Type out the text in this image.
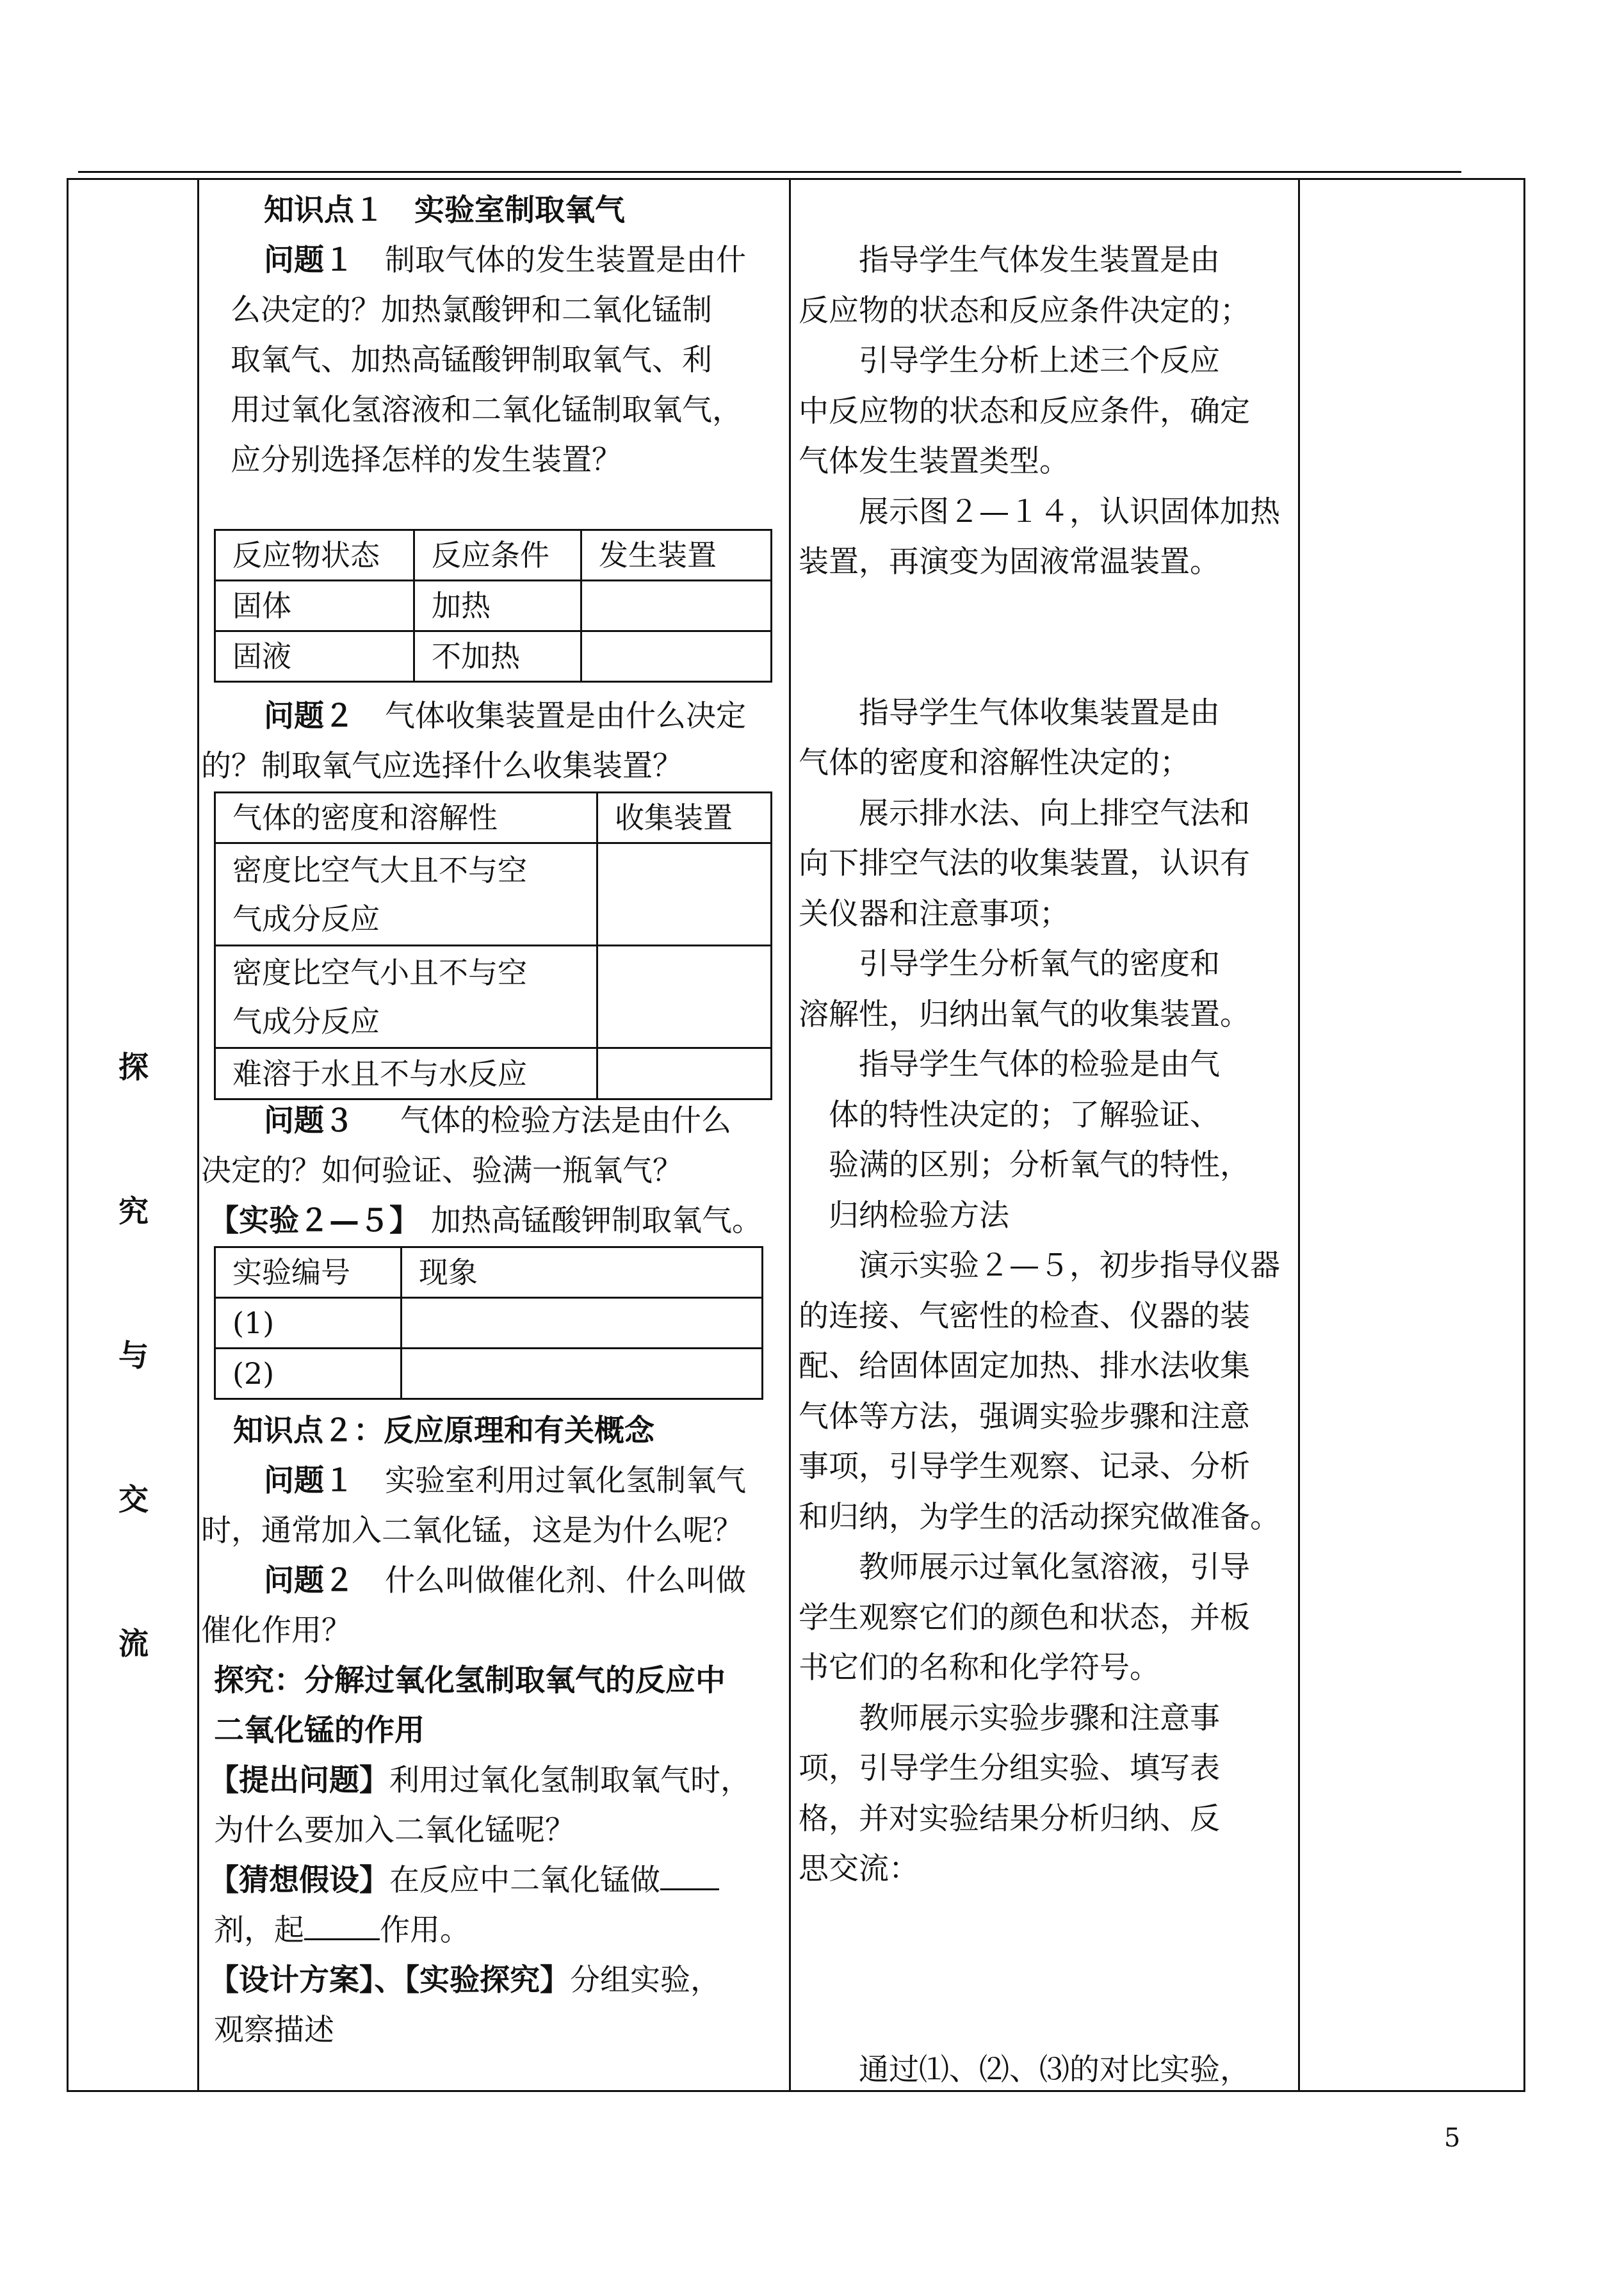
探
究
与
交
流
知识点１　实验室制取氧气
问题１ 制取气体的发生装置是由什
么决定的？加热氯酸钾和二氧化锰制
取氧气、加热高锰酸钾制取氧气、利
用过氧化氢溶液和二氧化锰制取氧气，
应分别选择怎样的发生装置？
反应物状态	反应条件	发生装置
固体	加热	
固液	不加热	
问题２ 气体收集装置是由什么决定
的？制取氧气应选择什么收集装置？
气体的密度和溶解性	收集装置
密度比空气大且不与空
气成分反应	
密度比空气小且不与空
气成分反应	
难溶于水且不与水反应	
问题３ 气体的检验方法是由什么
决定的？如何验证、验满一瓶氧气？
【实验２—５】 加热高锰酸钾制取氧气。
实验编号	现象
(1)	
(2)	
知识点２：反应原理和有关概念
问题１ 实验室利用过氧化氢制氧气
时，通常加入二氧化锰，这是为什么呢？
问题２ 什么叫做催化剂、什么叫做
催化作用？
探究：分解过氧化氢制取氧气的反应中
二氧化锰的作用
【提出问题】利用过氧化氢制取氧气时，
为什么要加入二氧化锰呢？
【猜想假设】在反应中二氧化锰做
剂，起	作用。
【设计方案】、【实验探究】分组实验，
观察描述

　　指导学生气体发生装置是由

反应物的状态和反应条件决定的；

　　引导学生分析上述三个反应

中反应物的状态和反应条件，确定

气体发生装置类型。

　　展示图２—１４，认识固体加热

装置，再演变为固液常温装置。

　　指导学生气体收集装置是由

气体的密度和溶解性决定的；

　　展示排水法、向上排空气法和

向下排空气法的收集装置，认识有

关仪器和注意事项；

　　引导学生分析氧气的密度和

溶解性，归纳出氧气的收集装置。

　　指导学生气体的检验是由气

　体的特性决定的；了解验证、

　验满的区别；分析氧气的特性，

　归纳检验方法

　　演示实验２—５，初步指导仪器

的连接、气密性的检查、仪器的装

配、给固体固定加热、排水法收集

气体等方法，强调实验步骤和注意

事项，引导学生观察、记录、分析

和归纳，为学生的活动探究做准备。

　　教师展示过氧化氢溶液，引导

学生观察它们的颜色和状态，并板

书它们的名称和化学符号。

　　教师展示实验步骤和注意事

项，引导学生分组实验、填写表

格，并对实验结果分析归纳、反

思交流：

　　通过⑴、⑵、⑶的对比实验，

5
